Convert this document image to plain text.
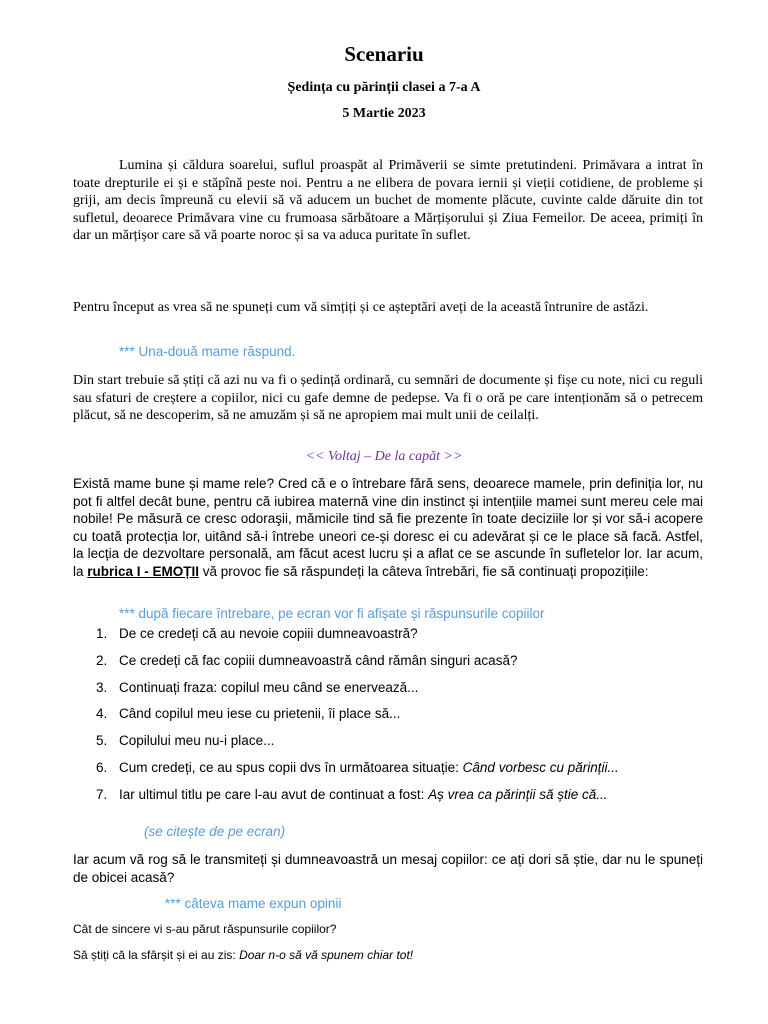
Scenariu
Ședința cu părinții clasei a 7-a A
5 Martie 2023

Lumina și căldura soarelui, suflul proaspăt al Primăverii se simte pretutindeni. Primăvara a intrat în toate drepturile ei și e stăpînă peste noi. Pentru a ne elibera de povara iernii și vieții cotidiene, de probleme și griji, am decis împreună cu elevii să vă aducem un buchet de momente plăcute, cuvinte calde dăruite din tot sufletul, deoarece Primăvara vine cu frumoasa sărbătoare a Mărțișorului și Ziua Femeilor. De aceea, primiți în dar un mărțișor care să vă poarte noroc și sa va aduca puritate în suflet.

Pentru început as vrea să ne spuneți cum vă simțiți și ce așteptări aveți de la această întrunire de astăzi.

*** Una-două mame răspund.

Din start trebuie să știți că azi nu va fi o ședință ordinară, cu semnări de documente și fișe cu note, nici cu reguli sau sfaturi de creștere a copiilor, nici cu gafe demne de pedepse. Va fi o oră pe care intenționăm să o petrecem plăcut, să ne descoperim, să ne amuzăm și să ne apropiem mai mult unii de ceilalți.

<< Voltaj – De la capăt >>

Există mame bune și mame rele? Cred că e o întrebare fără sens, deoarece mamele, prin definiția lor, nu pot fi altfel decât bune, pentru că iubirea maternă vine din instinct și intențiile mamei sunt mereu cele mai nobile! Pe măsură ce cresc odoraşii, mămicile tind să fie prezente în toate deciziile lor și vor să-i acopere cu toată protecția lor, uitând să-i întrebe uneori ce-și doresc ei cu adevărat și ce le place să facă. Astfel, la lecția de dezvoltare personală, am făcut acest lucru și a aflat ce se ascunde în sufletelor lor. Iar acum, la rubrica I - EMOȚII vă provoc fie să răspundeți la câteva întrebări, fie să continuați propozițiile:

*** după fiecare întrebare, pe ecran vor fi afișate și răspunsurile copiilor

1. De ce credeți că au nevoie copiii dumneavoastră?
2. Ce credeți că fac copiii dumneavoastră când rămân singuri acasă?
3. Continuați fraza: copilul meu când se enervează...
4. Când copilul meu iese cu prietenii, îi place să...
5. Copilului meu nu-i place...
6. Cum credeți, ce au spus copii dvs în următoarea situație: Când vorbesc cu părinții...
7. Iar ultimul titlu pe care l-au avut de continuat a fost: Aș vrea ca părinții să știe că...

(se citește de pe ecran)

Iar acum vă rog să le transmiteți și dumneavoastră un mesaj copiilor: ce ați dori să știe, dar nu le spuneți de obicei acasă?

*** câteva mame expun opinii

Cât de sincere vi s-au părut răspunsurile copiilor?

Să știți că la sfârșit și ei au zis: Doar n-o să vă spunem chiar tot!
